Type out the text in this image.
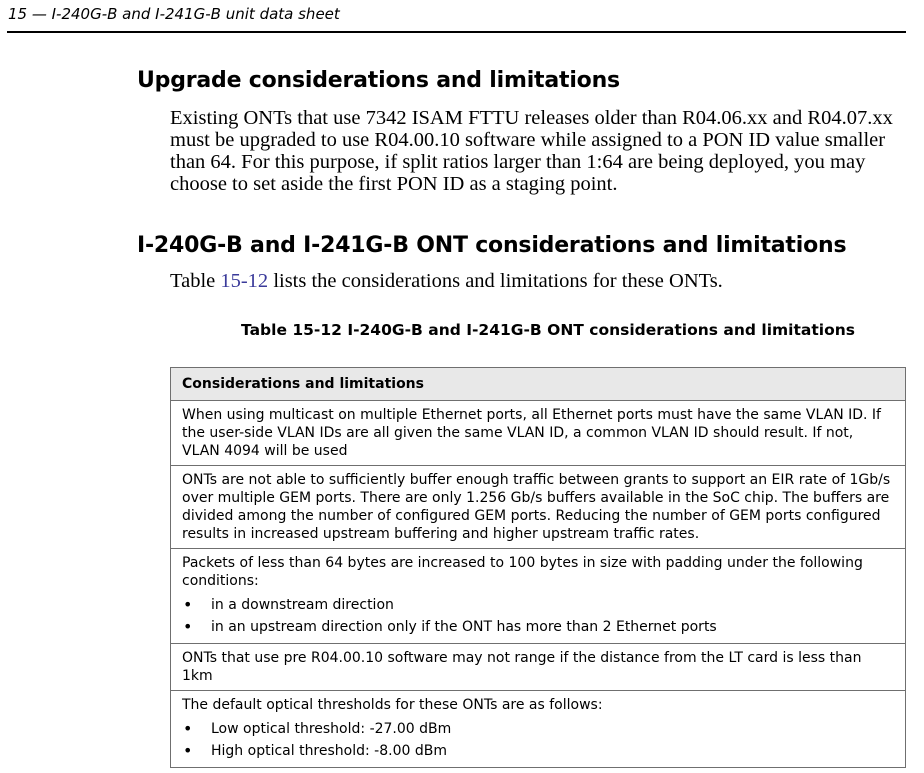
15 — I-240G-B and I-241G-B unit data sheet
Upgrade considerations and limitations

Existing ONTs that use 7342 ISAM FTTU releases older than R04.06.xx and R04.07.xx must be upgraded to use R04.00.10 software while assigned to a PON ID value smaller than 64. For this purpose, if split ratios larger than 1:64 are being deployed, you may choose to set aside the first PON ID as a staging point.

I-240G-B and I-241G-B ONT considerations and limitations

Table 15-12 lists the considerations and limitations for these ONTs.

Table 15-12 I-240G-B and I-241G-B ONT considerations and limitations
Considerations and limitations
When using multicast on multiple Ethernet ports, all Ethernet ports must have the same VLAN ID. If the user-side VLAN IDs are all given the same VLAN ID, a common VLAN ID should result. If not, VLAN 4094 will be used
ONTs are not able to sufficiently buffer enough traffic between grants to support an EIR rate of 1Gb/s over multiple GEM ports. There are only 1.256 Gb/s buffers available in the SoC chip. The buffers are divided among the number of configured GEM ports. Reducing the number of GEM ports configured results in increased upstream buffering and higher upstream traffic rates.

Packets of less than 64 bytes are increased to 100 bytes in size with padding under the following conditions:
• in a downstream direction
• in an upstream direction only if the ONT has more than 2 Ethernet ports

ONTs that use pre R04.00.10 software may not range if the distance from the LT card is less than 1km

The default optical thresholds for these ONTs are as follows:
• Low optical threshold: -27.00 dBm
• High optical threshold: -8.00 dBm
